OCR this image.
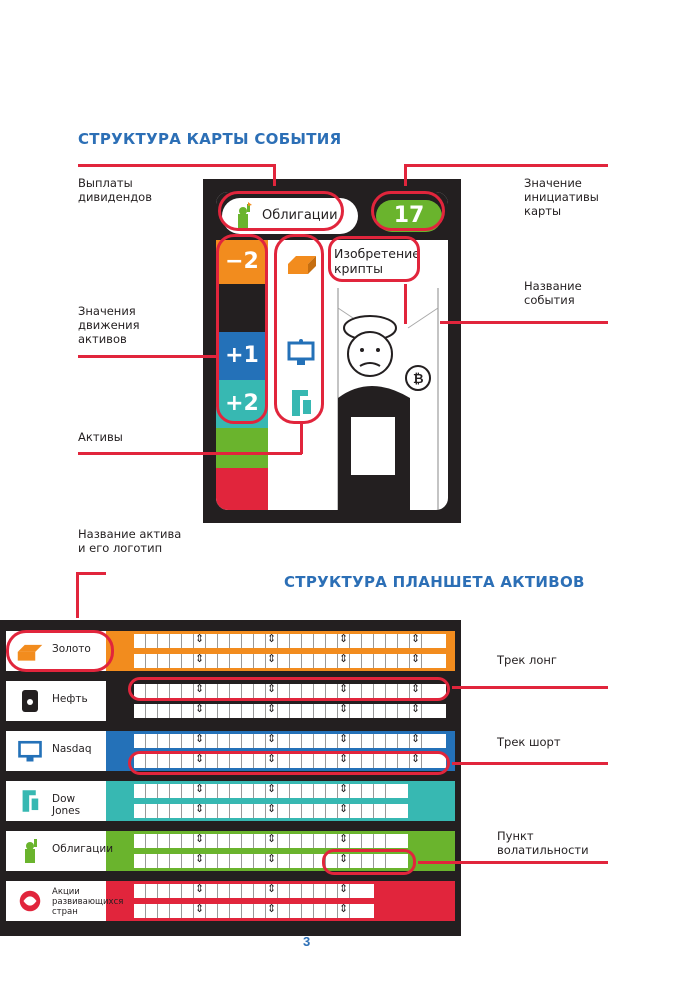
СТРУКТУРА КАРТЫ СОБЫТИЯ
СТРУКТУРА ПЛАНШЕТА АКТИВОВ
Выплаты
дивидендов
Значения
движения
активов
Активы
Название актива
и его логотип
Значение
инициативы
карты
Название
события
Трек лонг
Трек шорт
Пункт
волатильности
Облигации	17
−2
+1
+2
Изобретение
крипты
₿
Золото
⇕
⇕
⇕
⇕
⇕
⇕
⇕
⇕
Нефть
⇕
⇕
⇕
⇕
⇕
⇕
⇕
⇕
Nasdaq
⇕
⇕
⇕
⇕
⇕
⇕
⇕
⇕
Dow Jones
⇕
⇕
⇕
⇕
⇕
⇕
Облигации
⇕
⇕
⇕
⇕
⇕
⇕
Акции
развивающихся
стран
⇕
⇕
⇕
⇕
⇕
⇕
3
